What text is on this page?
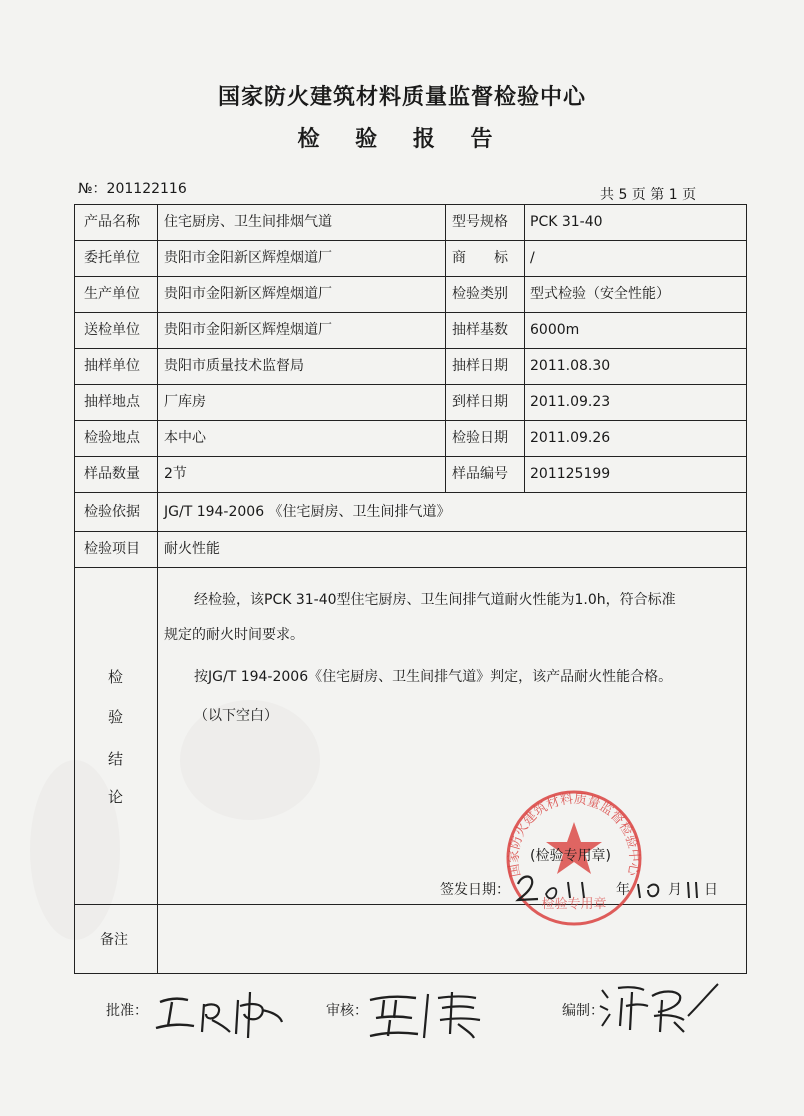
国家防火建筑材料质量监督检验中心
检 验 报 告
№：201122116	共 5 页 第 1 页
产品名称 住宅厨房、卫生间排烟气道	型号规格 PCK 31-40
委托单位 贵阳市金阳新区辉煌烟道厂	商　　标 /
生产单位 贵阳市金阳新区辉煌烟道厂	检验类别 型式检验（安全性能）
送检单位 贵阳市金阳新区辉煌烟道厂	抽样基数 6000m
抽样单位 贵阳市质量技术监督局	抽样日期 2011.08.30
抽样地点 厂库房	到样日期 2011.09.23
检验地点 本中心	检验日期 2011.09.26
样品数量 2节	样品编号 201125199
检验依据 JG/T 194-2006 《住宅厨房、卫生间排气道》
检验项目 耐火性能
检
验
结
论
经检验，该PCK 31-40型住宅厨房、卫生间排气道耐火性能为1.0h，符合标准
规定的耐火时间要求。
按JG/T 194-2006《住宅厨房、卫生间排气道》判定，该产品耐火性能合格。
（以下空白）
国家防火建筑材料质量监督检验中心
检验专用章
(检验专用章)
签发日期：	年	月 日
备注
批准：	审核：	编制：
